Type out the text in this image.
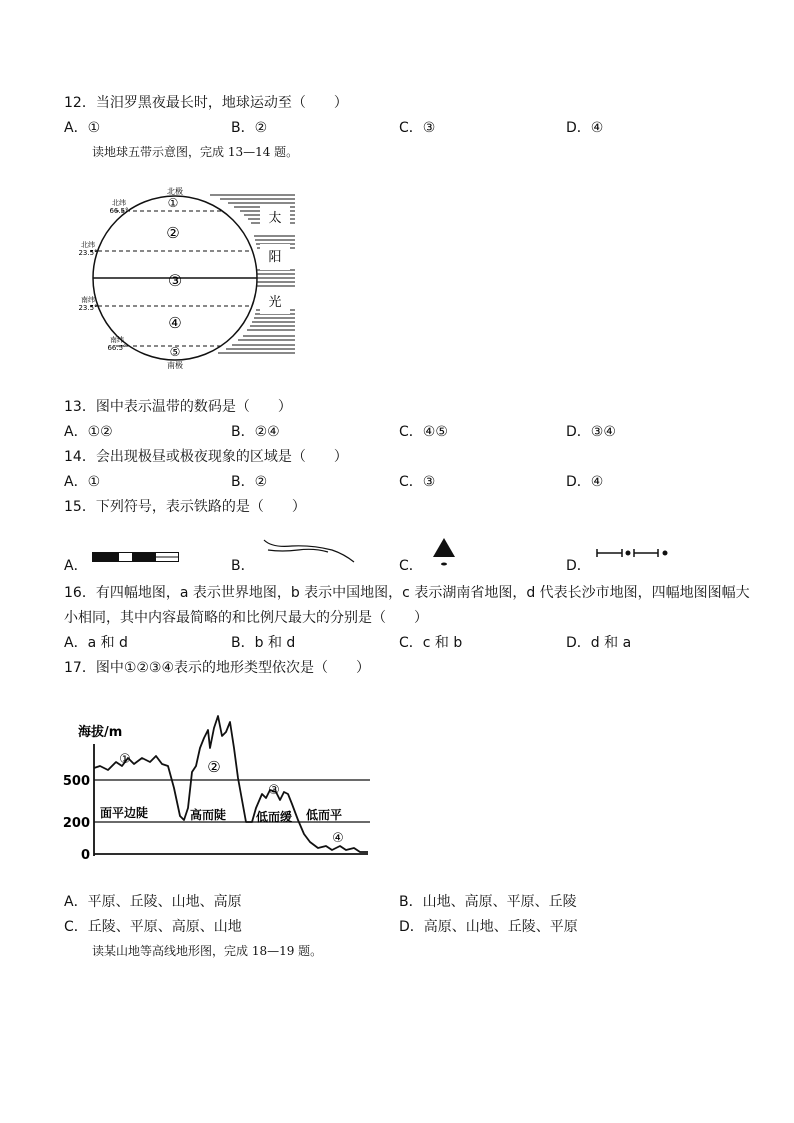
12．当汨罗黑夜最长时，地球运动至（　　）
A．①	B．②	C．③	D．④
读地球五带示意图，完成 13—14 题。
太
阳
光
北极
南极
北纬
66.5°
北纬
23.5°
南纬
23.5°
南纬
66.5°
①
②
③
④
⑤
13．图中表示温带的数码是（　　）
A．①②	B．②④	C．④⑤	D．③④
14．会出现极昼或极夜现象的区域是（　　）
A．①	B．②	C．③	D．④
15．下列符号，表示铁路的是（　　）
A．	B．	C．	D．
16．有四幅地图，a 表示世界地图，b 表示中国地图，c 表示湖南省地图，d 代表长沙市地图，四幅地图图幅大
小相同，其中内容最简略的和比例尺最大的分别是（　　）
A．a 和 d	B．b 和 d	C．c 和 b	D．d 和 a
17．图中①②③④表示的地形类型依次是（　　）
海拔/m
500
200
0
①	②
③
④
面平边陡	高而陡 低而缓 低而平
A．平原、丘陵、山地、高原	B．山地、高原、平原、丘陵
C．丘陵、平原、高原、山地	D．高原、山地、丘陵、平原
读某山地等高线地形图，完成 18—19 题。
